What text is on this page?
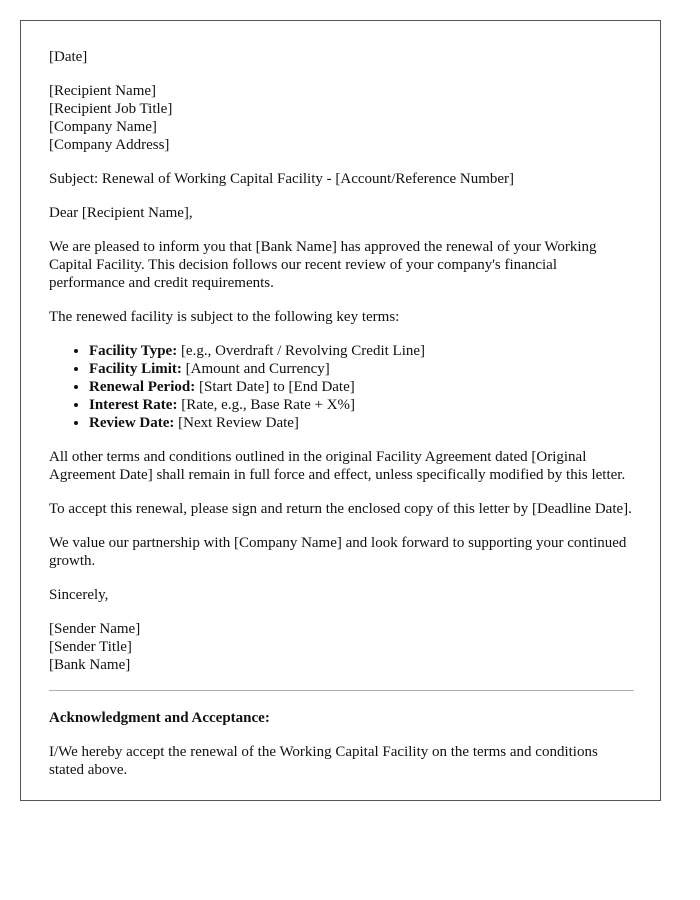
[Date]

[Recipient Name]
[Recipient Job Title]
[Company Name]
[Company Address]

Subject: Renewal of Working Capital Facility - [Account/Reference Number]

Dear [Recipient Name],

We are pleased to inform you that [Bank Name] has approved the renewal of your Working Capital Facility. This decision follows our recent review of your company's financial performance and credit requirements.

The renewed facility is subject to the following key terms:

• Facility Type: [e.g., Overdraft / Revolving Credit Line]
• Facility Limit: [Amount and Currency]
• Renewal Period: [Start Date] to [End Date]
• Interest Rate: [Rate, e.g., Base Rate + X%]
• Review Date: [Next Review Date]

All other terms and conditions outlined in the original Facility Agreement dated [Original Agreement Date] shall remain in full force and effect, unless specifically modified by this letter.

To accept this renewal, please sign and return the enclosed copy of this letter by [Deadline Date].

We value our partnership with [Company Name] and look forward to supporting your continued growth.

Sincerely,

[Sender Name]
[Sender Title]
[Bank Name]

Acknowledgment and Acceptance:

I/We hereby accept the renewal of the Working Capital Facility on the terms and conditions stated above.
